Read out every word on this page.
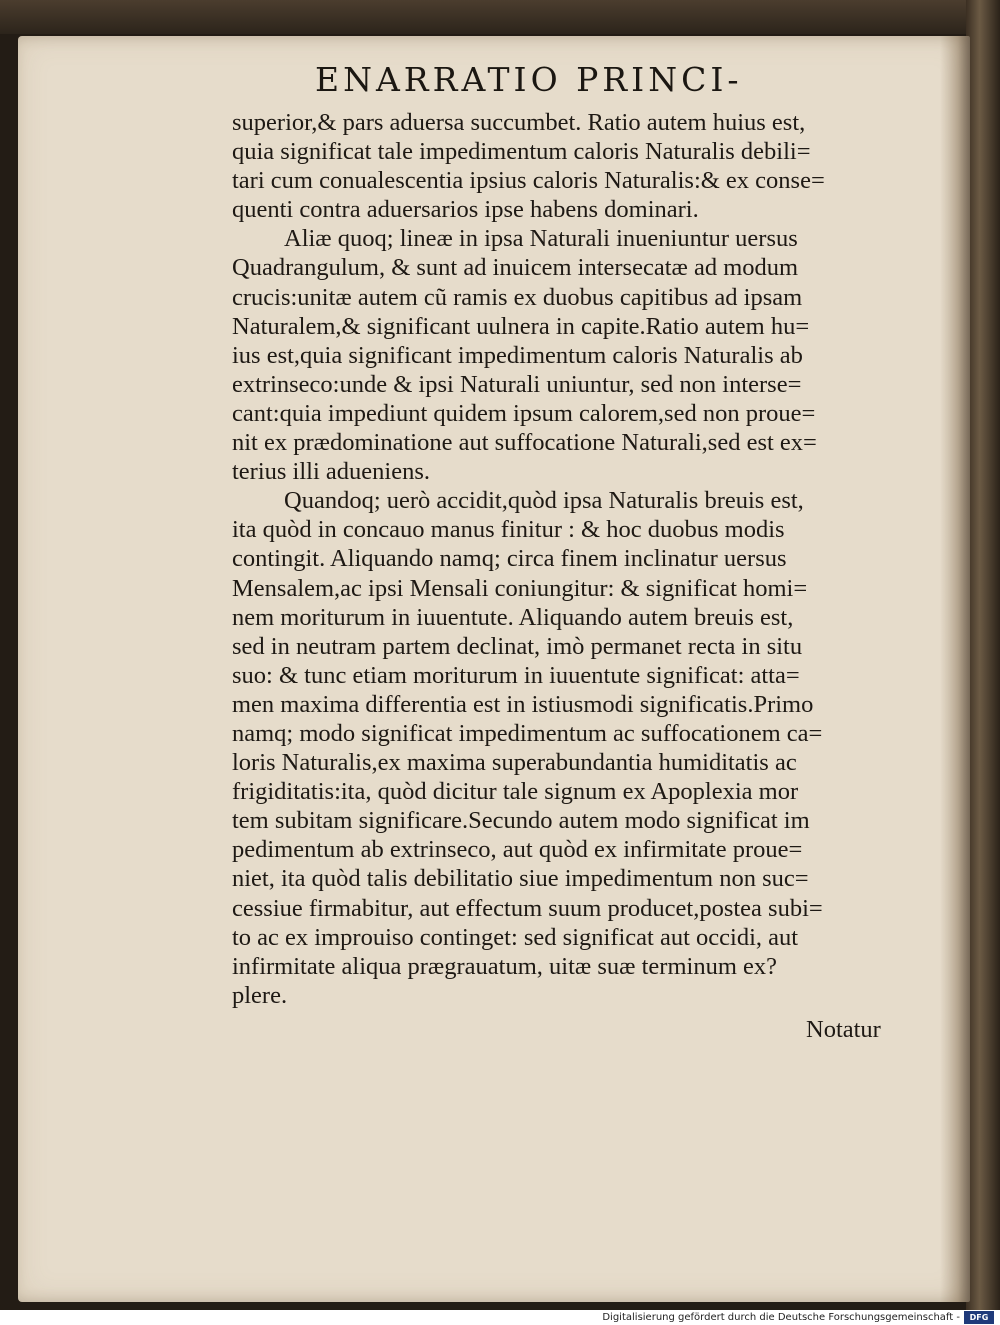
ENARRATIO PRINCI-
superior,& pars aduersa succumbet. Ratio autem huius est,
quia significat tale impedimentum caloris Naturalis debili=
tari cum conualescentia ipsius caloris Naturalis:& ex conse=
quenti contra aduersarios ipse habens dominari.
Aliæ quoq; lineæ in ipsa Naturali inueniuntur uersus
Quadrangulum, & sunt ad inuicem intersecatæ ad modum
crucis:unitæ autem cũ ramis ex duobus capitibus ad ipsam
Naturalem,& significant uulnera in capite.Ratio autem hu=
ius est,quia significant impedimentum caloris Naturalis ab
extrinseco:unde & ipsi Naturali uniuntur, sed non interse=
cant:quia impediunt quidem ipsum calorem,sed non proue=
nit ex prædominatione aut suffocatione Naturali,sed est ex=
terius illi adueniens.
Quandoq; uerò accidit,quòd ipsa Naturalis breuis est,
ita quòd in concauo manus finitur : & hoc duobus modis
contingit. Aliquando namq; circa finem inclinatur uersus
Mensalem,ac ipsi Mensali coniungitur: & significat homi=
nem moriturum in iuuentute. Aliquando autem breuis est,
sed in neutram partem declinat, imò permanet recta in situ
suo: & tunc etiam moriturum in iuuentute significat: atta=
men maxima differentia est in istiusmodi significatis.Primo
namq; modo significat impedimentum ac suffocationem ca=
loris Naturalis,ex maxima superabundantia humiditatis ac
frigiditatis:ita, quòd dicitur tale signum ex Apoplexia mor
tem subitam significare.Secundo autem modo significat im
pedimentum ab extrinseco, aut quòd ex infirmitate proue=
niet, ita quòd talis debilitatio siue impedimentum non suc=
cessiue firmabitur, aut effectum suum producet,postea subi=
to ac ex improuiso continget: sed significat aut occidi, aut
infirmitate aliqua prægrauatum, uitæ suæ terminum ex?
plere.
Notatur
Digitalisierung gefördert durch die Deutsche Forschungsgemeinschaft -	DFG
